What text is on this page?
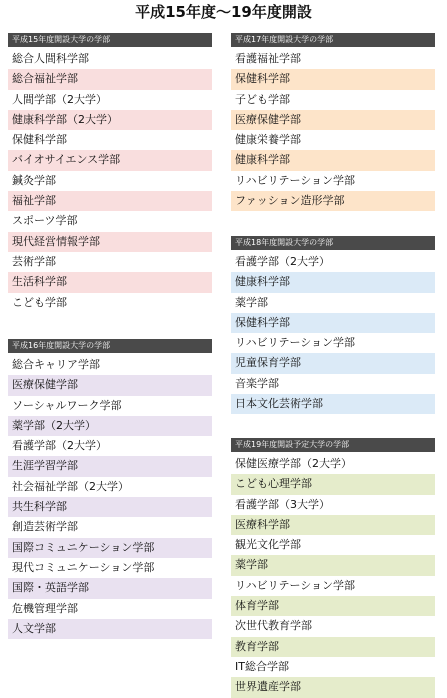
平成15年度～19年度開設
平成15年度開設大学の学部
総合人間科学部
総合福祉学部
人間学部（2大学）
健康科学部（2大学）
保健科学部
バイオサイエンス学部
鍼灸学部
福祉学部
スポーツ学部
現代経営情報学部
芸術学部
生活科学部
こども学部
平成16年度開設大学の学部
総合キャリア学部
医療保健学部
ソーシャルワーク学部
薬学部（2大学）
看護学部（2大学）
生涯学習学部
社会福祉学部（2大学）
共生科学部
創造芸術学部
国際コミュニケーション学部
現代コミュニケーション学部
国際・英語学部
危機管理学部
人文学部
平成17年度開設大学の学部
看護福祉学部
保健科学部
子ども学部
医療保健学部
健康栄養学部
健康科学部
リハビリテーション学部
ファッション造形学部
平成18年度開設大学の学部
看護学部（2大学）
健康科学部
薬学部
保健科学部
リハビリテーション学部
児童保育学部
音楽学部
日本文化芸術学部
平成19年度開設予定大学の学部
保健医療学部（2大学）
こども心理学部
看護学部（3大学）
医療科学部
観光文化学部
薬学部
リハビリテーション学部
体育学部
次世代教育学部
教育学部
IT総合学部
世界遺産学部
